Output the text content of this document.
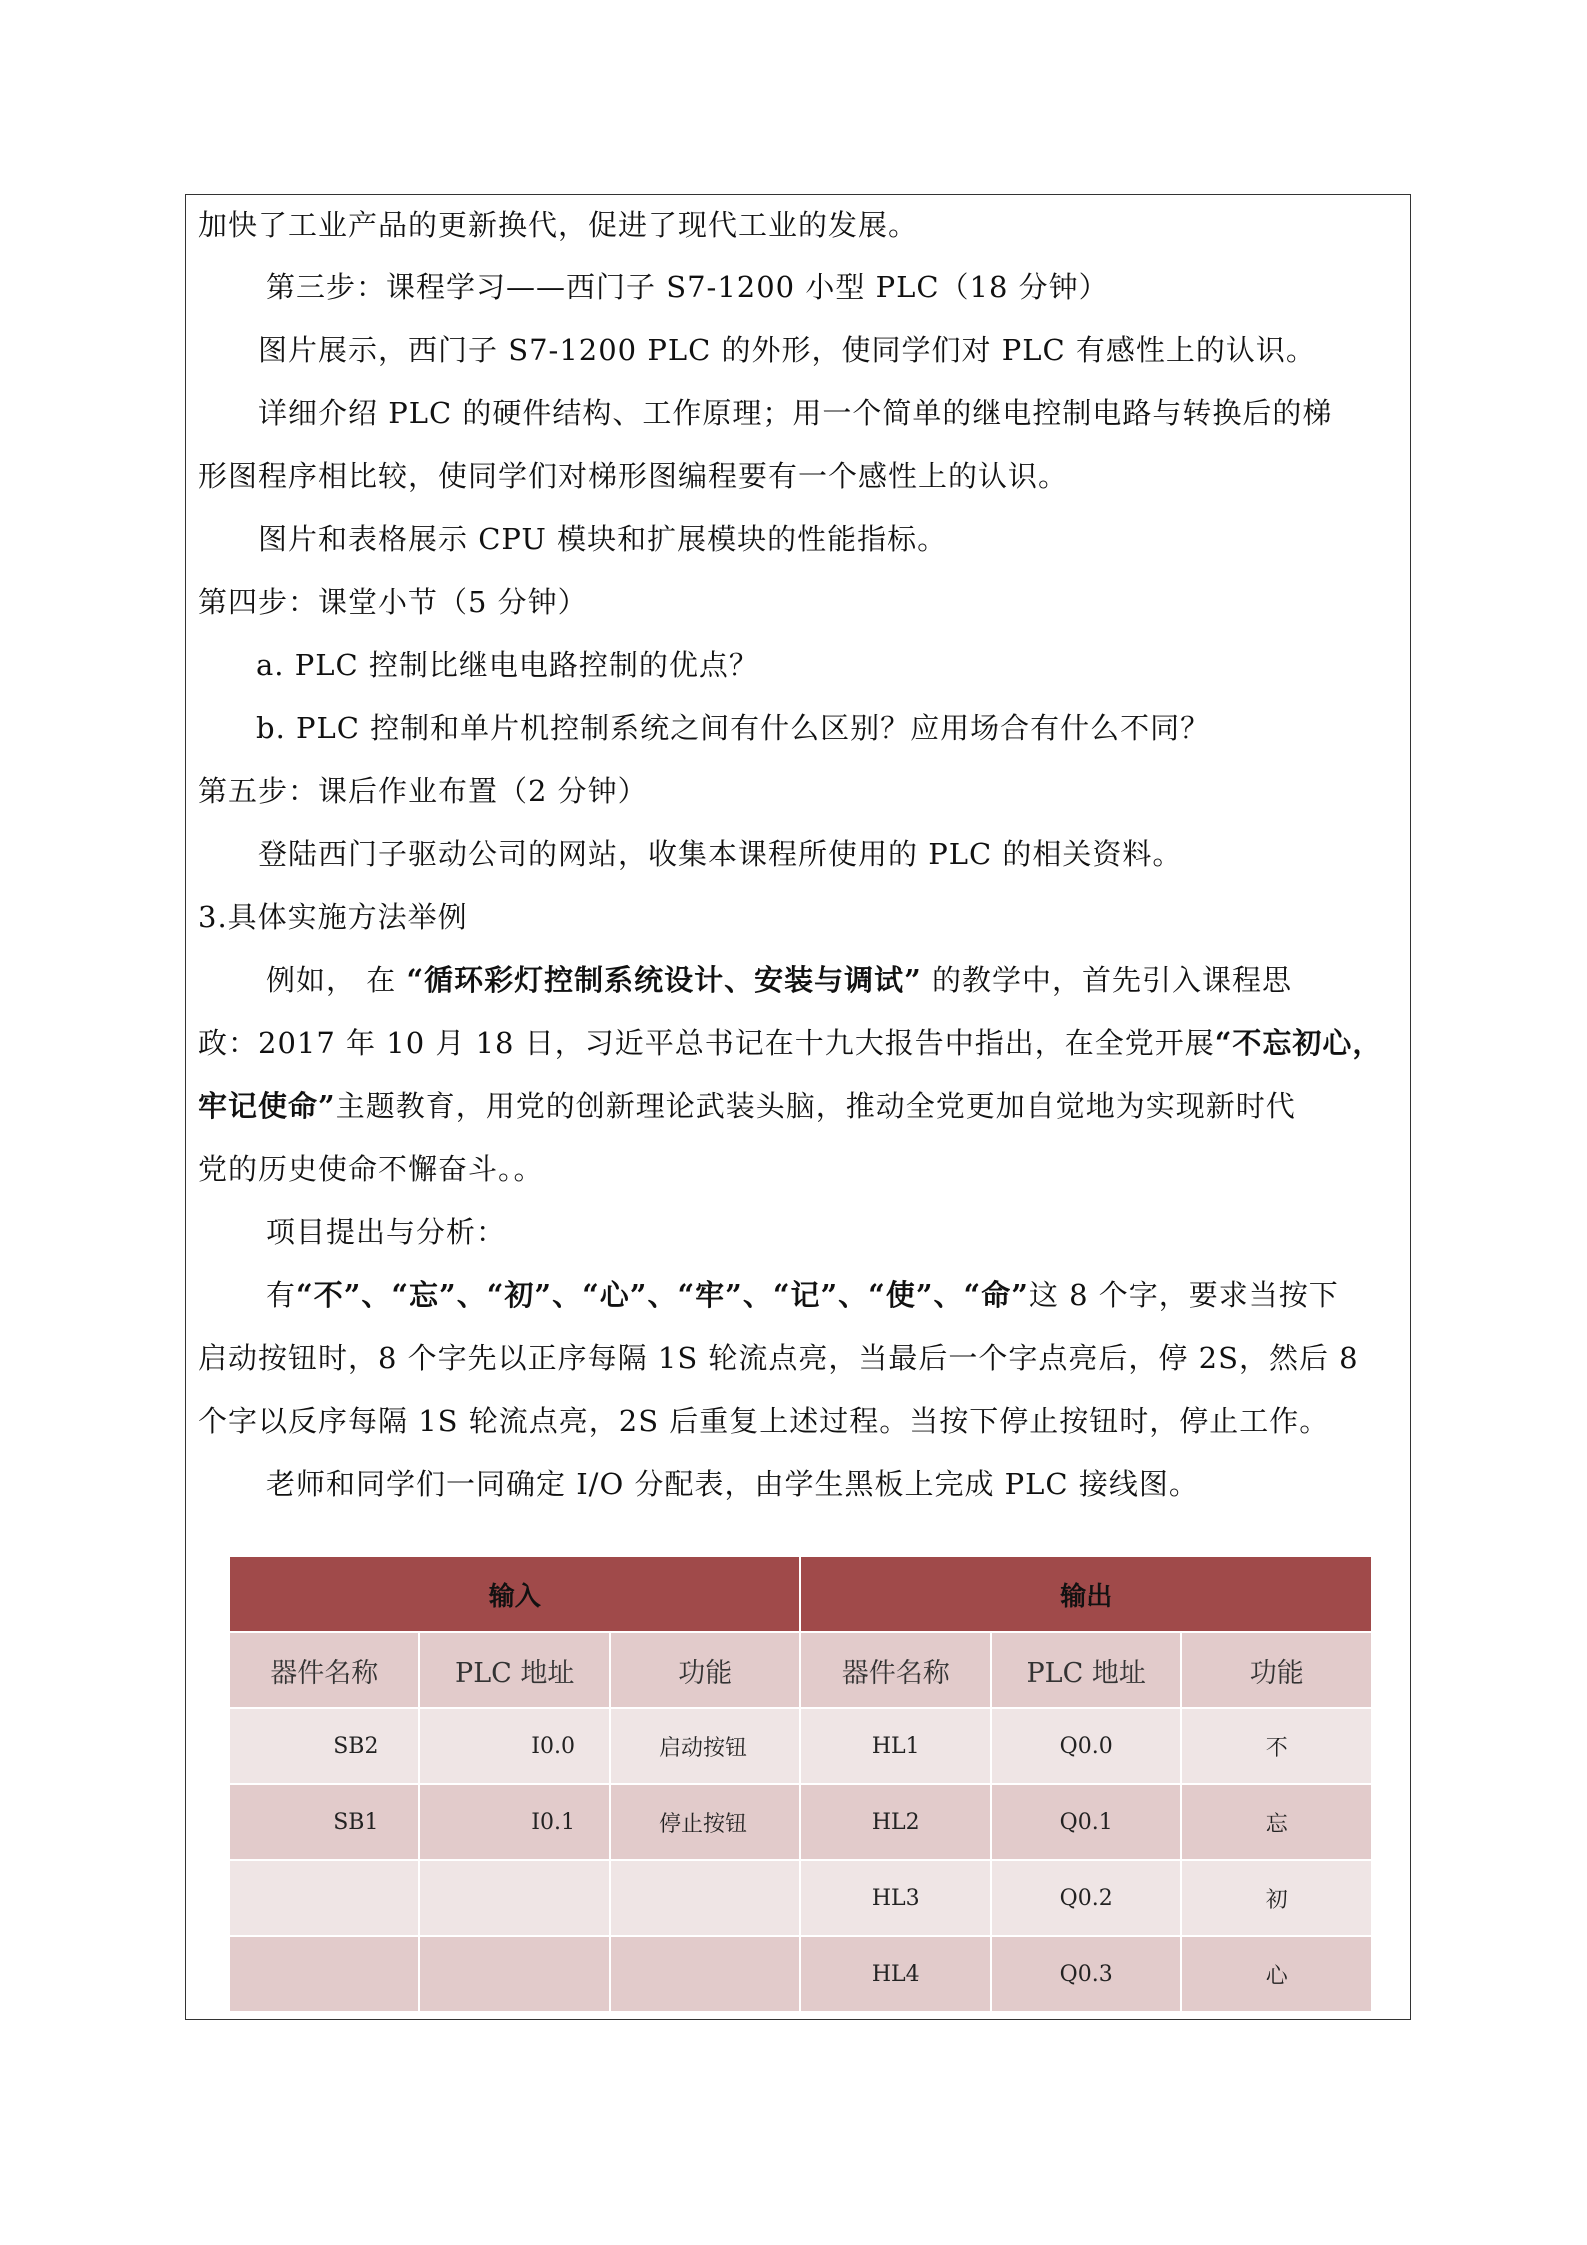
加快了工业产品的更新换代，促进了现代工业的发展。
第三步：课程学习——西门子 S7-1200 小型 PLC（18 分钟）
图片展示，西门子 S7-1200 PLC 的外形，使同学们对 PLC 有感性上的认识。
详细介绍 PLC 的硬件结构、工作原理；用一个简单的继电控制电路与转换后的梯
形图程序相比较，使同学们对梯形图编程要有一个感性上的认识。
图片和表格展示 CPU 模块和扩展模块的性能指标。
第四步：课堂小节（5 分钟）
a. PLC 控制比继电电路控制的优点？
b. PLC 控制和单片机控制系统之间有什么区别？应用场合有什么不同？
第五步：课后作业布置（2 分钟）
登陆西门子驱动公司的网站，收集本课程所使用的 PLC 的相关资料。
3.具体实施方法举例
例如， 在 “循环彩灯控制系统设计、安装与调试” 的教学中，首先引入课程思
政：2017 年 10 月 18 日，习近平总书记在十九大报告中指出，在全党开展“不忘初心，
牢记使命”主题教育，用党的创新理论武装头脑，推动全党更加自觉地为实现新时代
党的历史使命不懈奋斗。。
项目提出与分析：
有“不”、“忘”、“初”、“心”、“牢”、“记”、“使”、“命”这 8 个字，要求当按下
启动按钮时，8 个字先以正序每隔 1S 轮流点亮，当最后一个字点亮后，停 2S，然后 8
个字以反序每隔 1S 轮流点亮，2S 后重复上述过程。当按下停止按钮时，停止工作。
老师和同学们一同确定 I/O 分配表，由学生黑板上完成 PLC 接线图。
输入			输出		
器件名称	PLC 地址	功能	器件名称	PLC 地址	功能
SB2	I0.0	启动按钮	HL1	Q0.0	不
SB1	I0.1	停止按钮	HL2	Q0.1	忘
			HL3	Q0.2	初
			HL4	Q0.3	心
